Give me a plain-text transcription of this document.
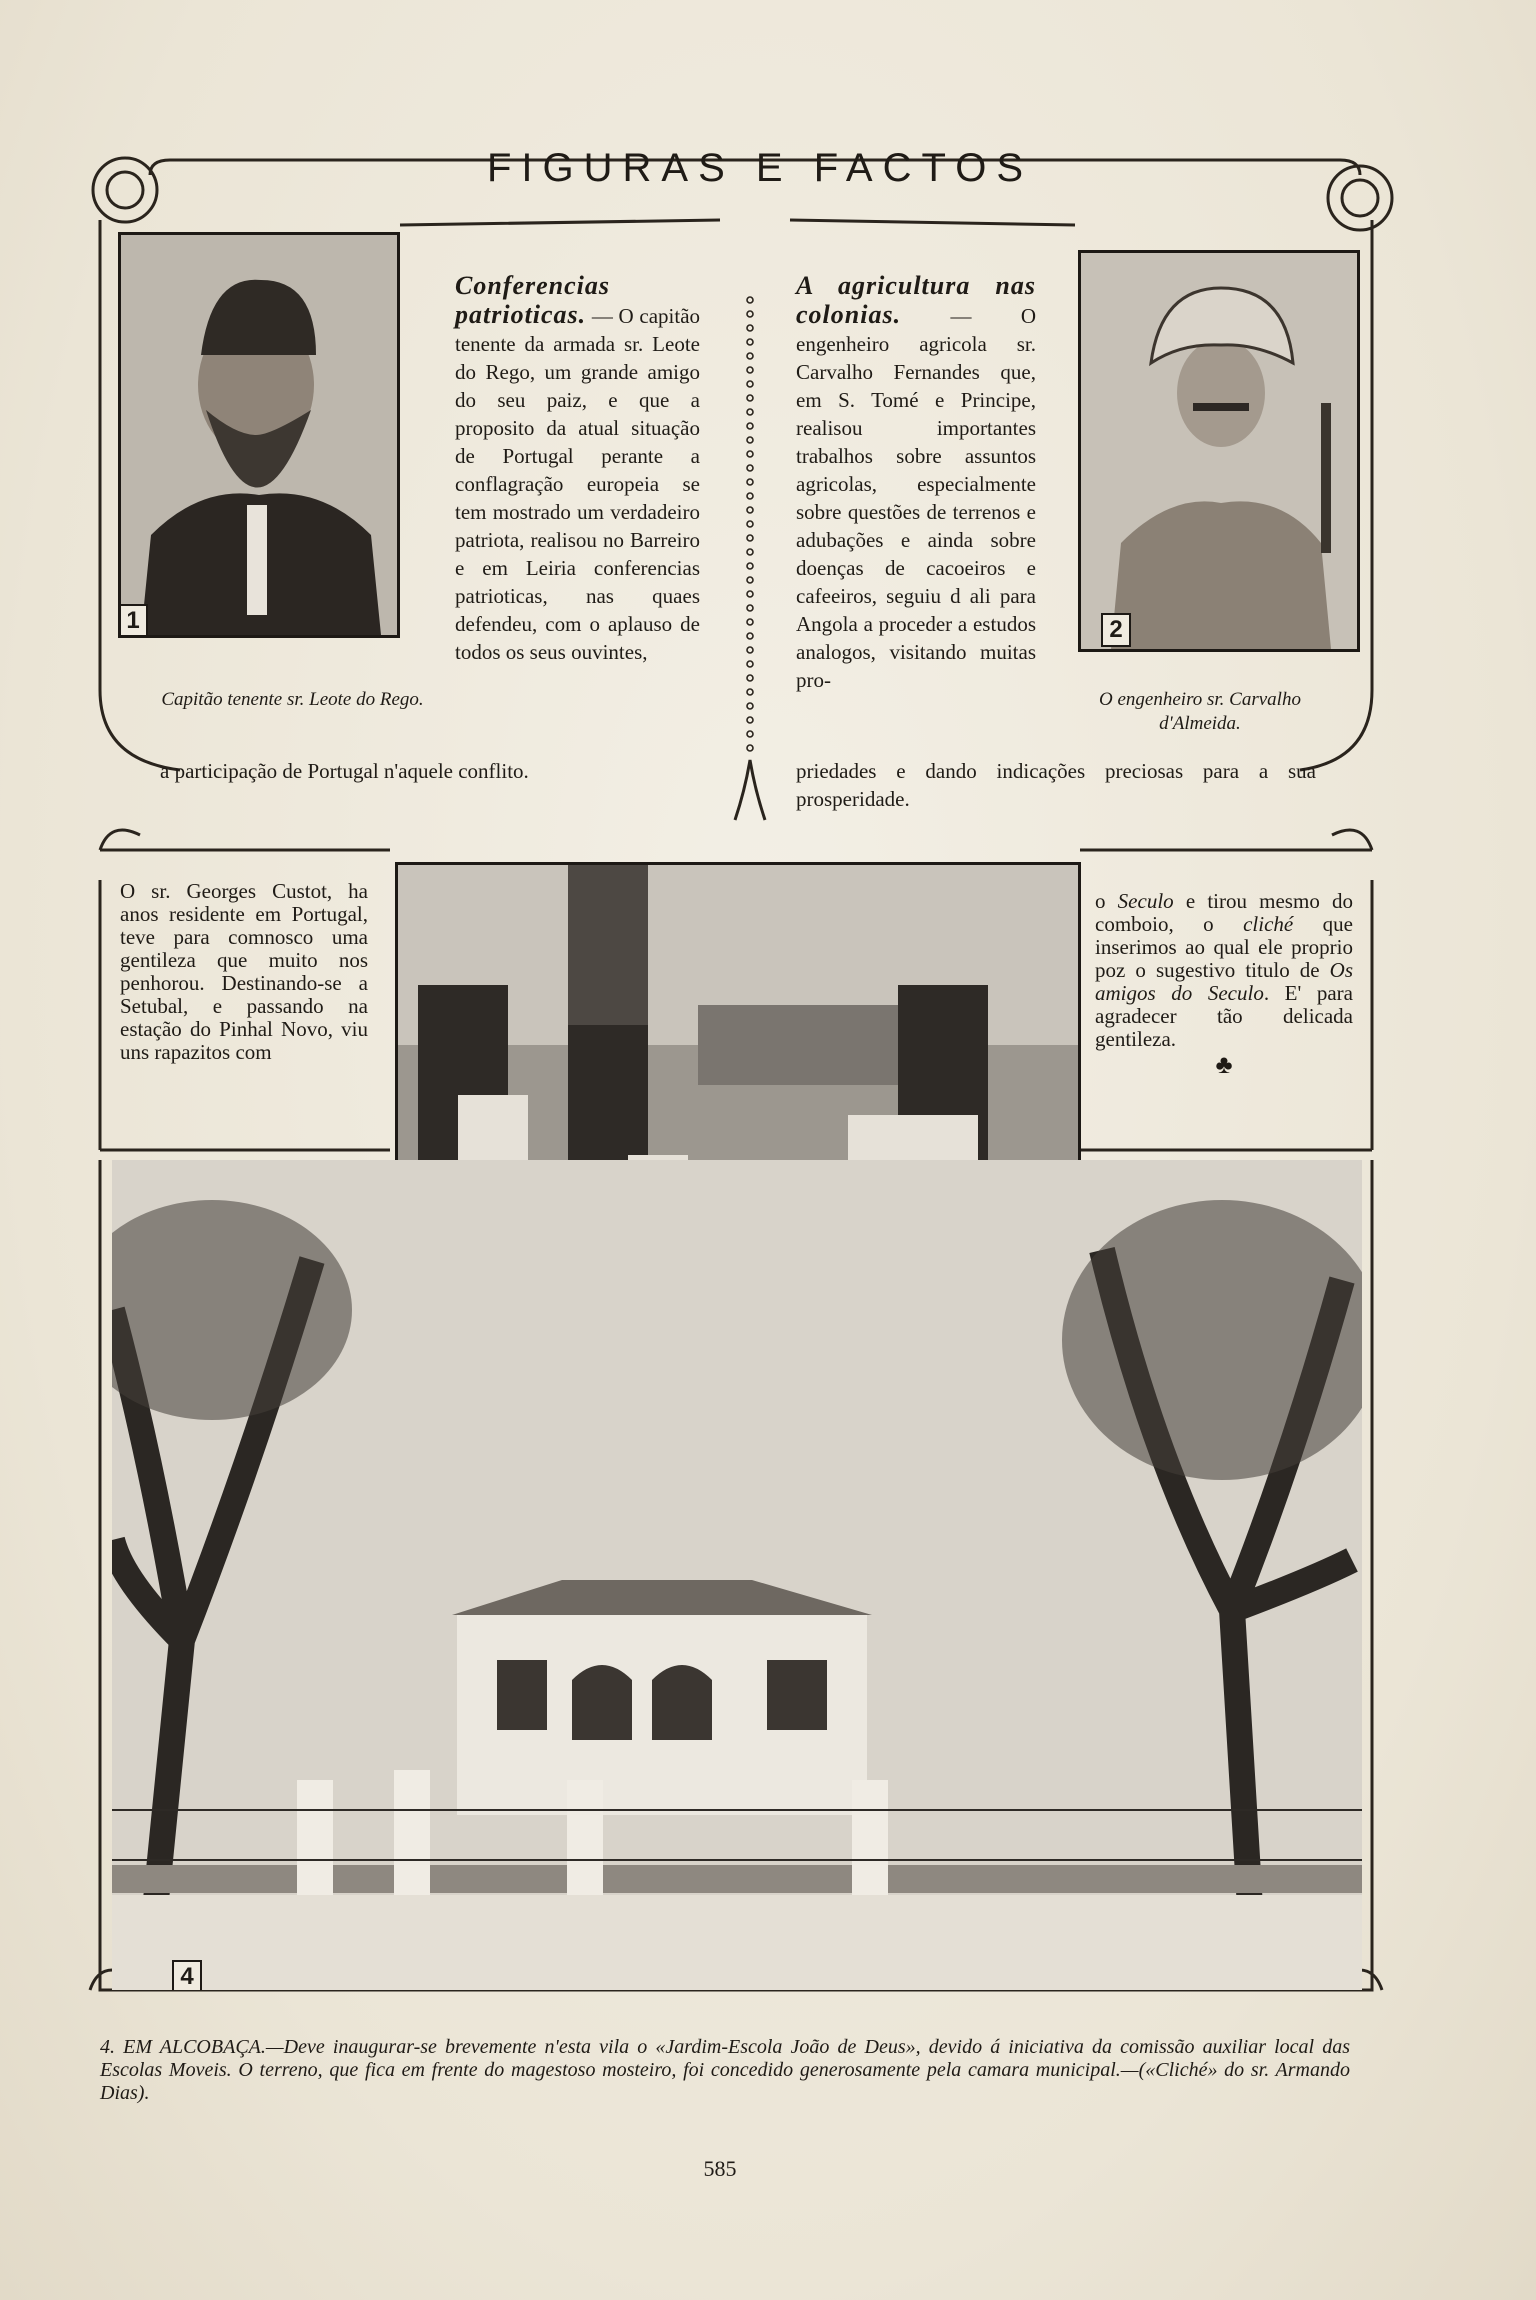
FIGURAS E FACTOS
1	2
Conferencias patrioticas. — O capitão tenente da armada sr. Leote do Rego, um grande amigo do seu paiz, e que a proposito da atual situação de Portugal perante a conflagração europeia se tem mostrado um verdadeiro patriota, realisou no Barreiro e em Leiria conferencias patrioticas, nas quaes defendeu, com o aplauso de todos os seus ouvintes,
a participação de Portugal n'aquele conflito.
A agricultura nas colonias. — O engenheiro agricola sr. Carvalho Fernandes que, em S. Tomé e Principe, realisou importantes trabalhos sobre assuntos agricolas, especialmente sobre questões de terrenos e adubações e ainda sobre doenças de cacoeiros e cafeeiros, seguiu d ali para Angola a proceder a estudos analogos, visitando muitas pro-
priedades e dando indicações preciosas para a sua prosperidade.
Capitão tenente sr. Leote do Rego.	O engenheiro sr. Carvalho d'Almeida.
O sr. Georges Custot, ha anos residente em Portugal, teve para comnosco uma gentileza que muito nos penhorou. Destinando-se a Setubal, e passando na estação do Pinhal Novo, viu uns rapazitos com
o Seculo e tirou mesmo do comboio, o cliché que inserimos ao qual ele proprio poz o sugestivo titulo de Os amigos do Seculo. E' para agradecer tão delicada gentileza.
♣

4
4. EM ALCOBAÇA.—Deve inaugurar-se brevemente n'esta vila o «Jardim-Escola João de Deus», devido á iniciativa da comissão auxiliar local das Escolas Moveis. O terreno, que fica em frente do magestoso mosteiro, foi concedido generosamente pela camara municipal.—(«Cliché» do sr. Armando Dias).
585
